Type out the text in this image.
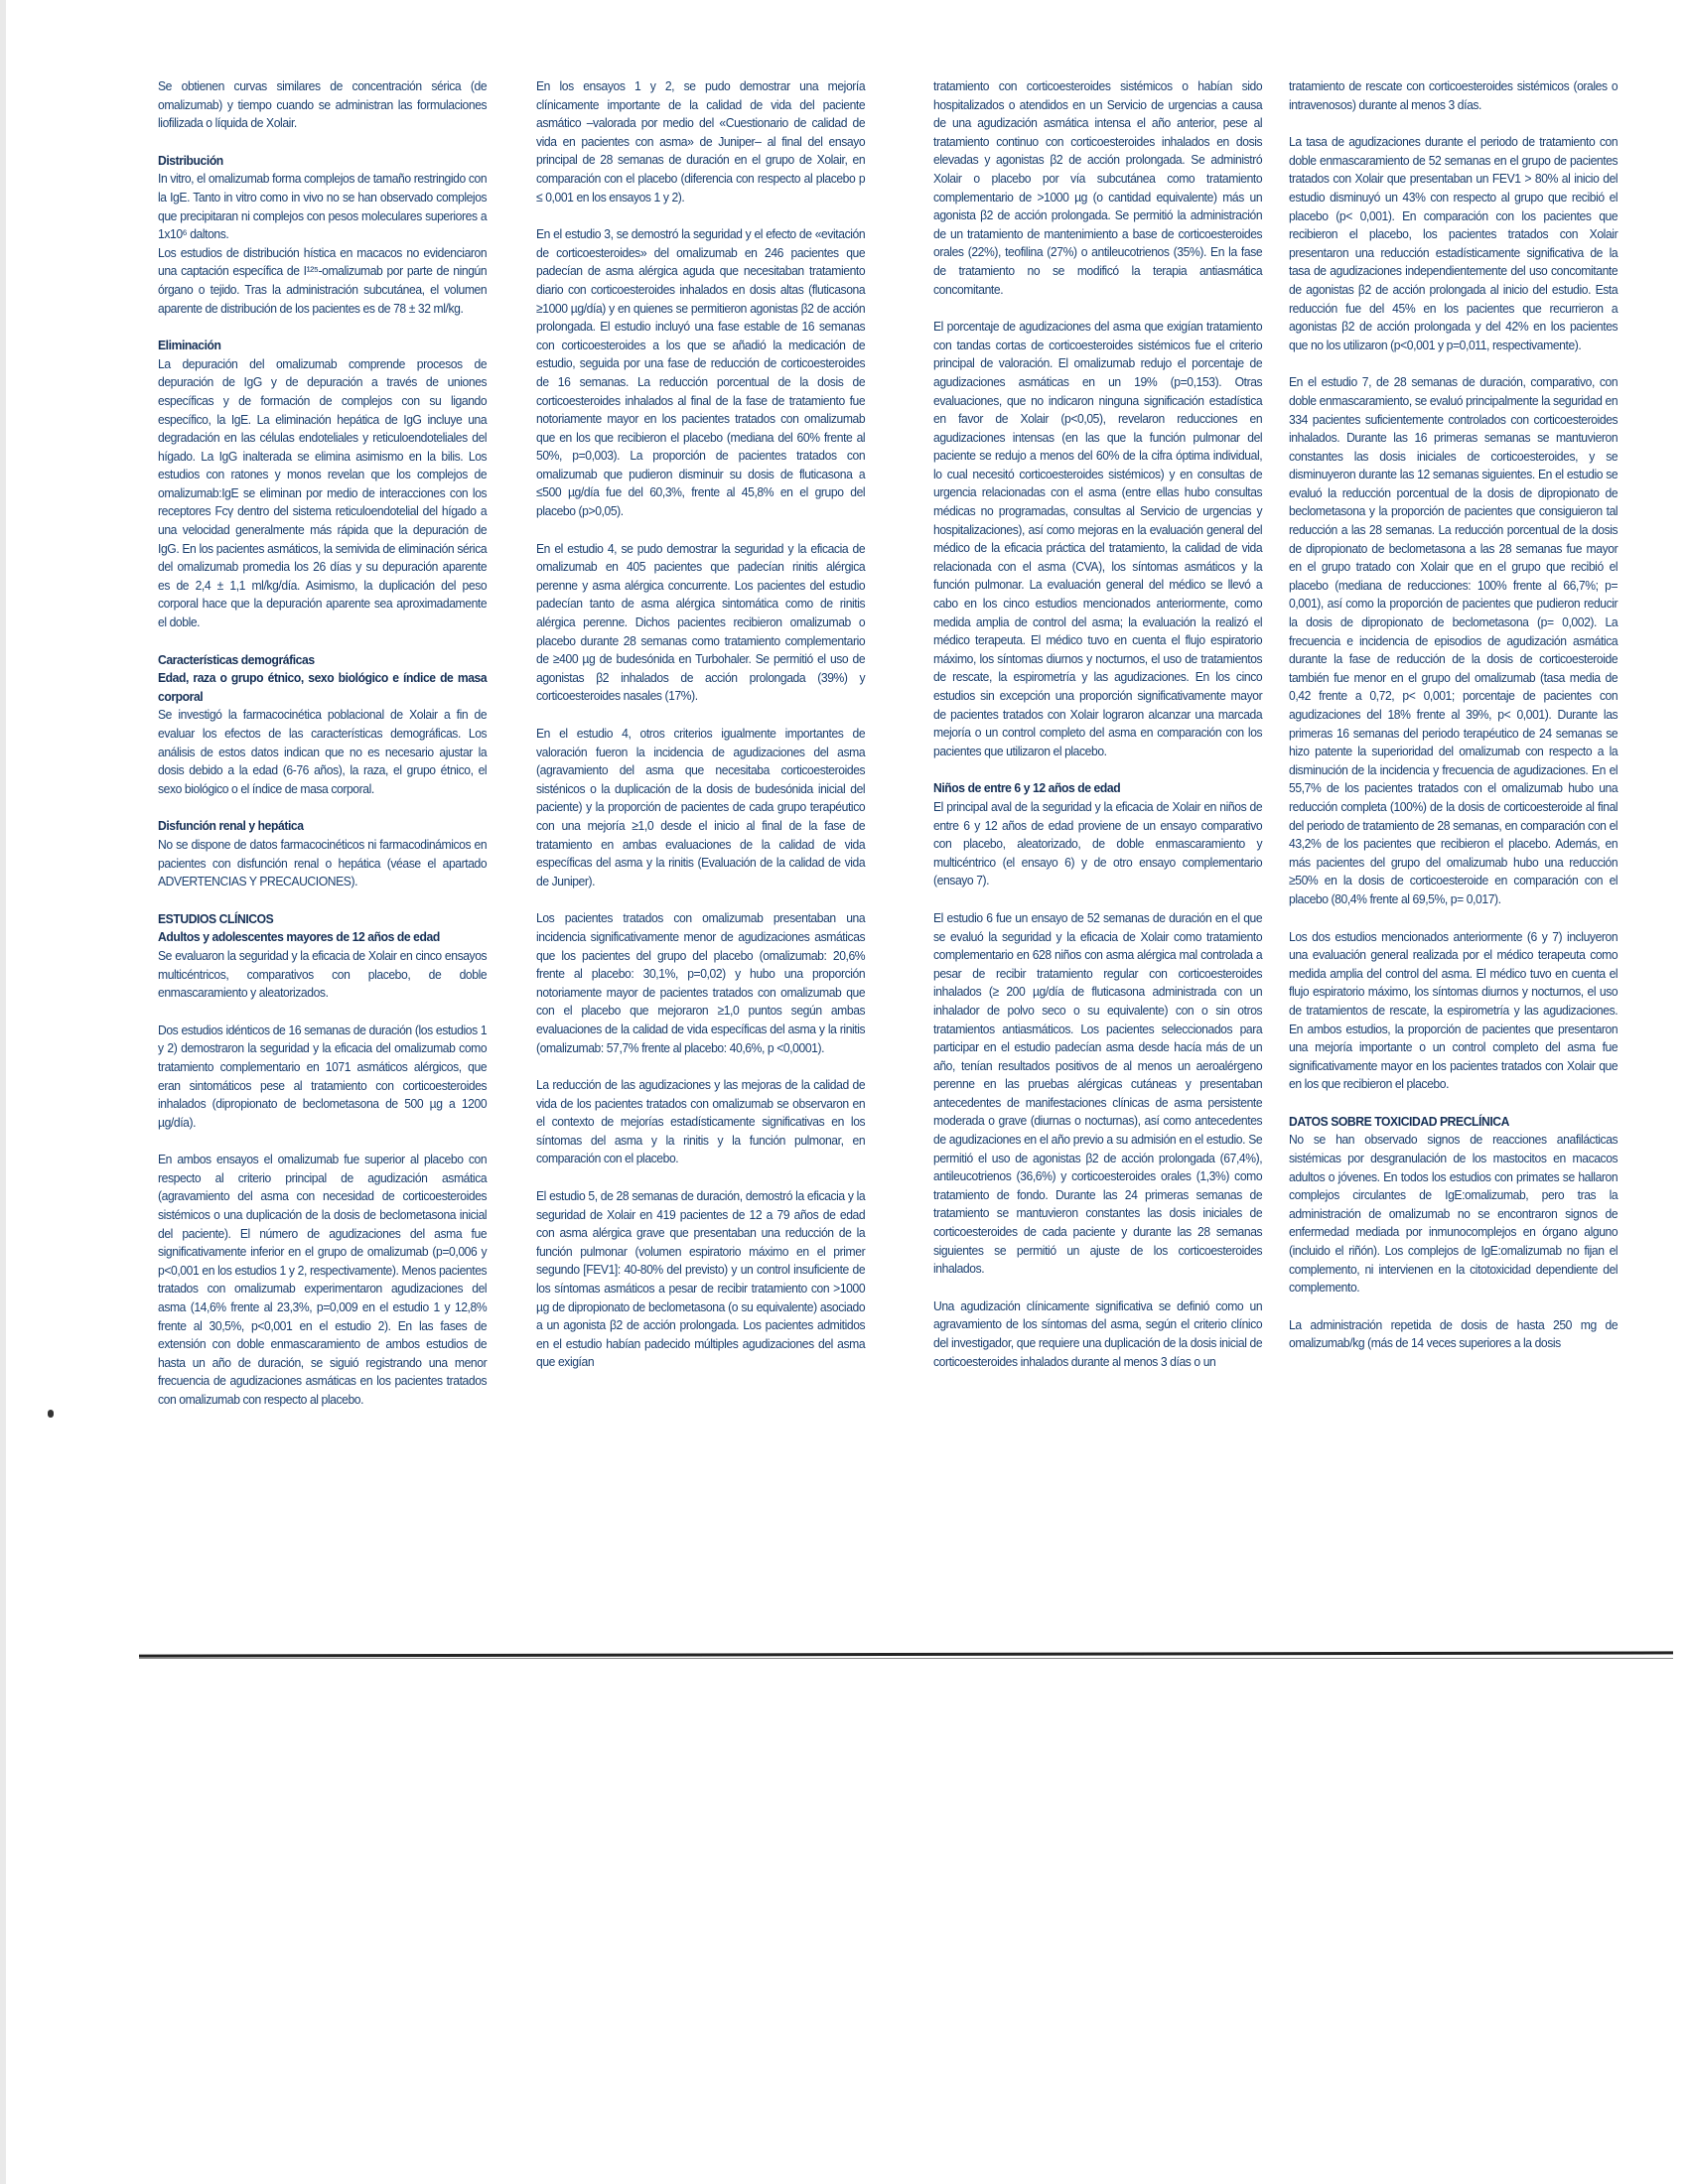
Se obtienen curvas similares de concentración sérica (de omalizumab) y tiempo cuando se administran las formulaciones liofilizada o líquida de Xolair.

Distribución

In vitro, el omalizumab forma complejos de tamaño restringido con la IgE. Tanto in vitro como in vivo no se han observado complejos que precipitaran ni complejos con pesos moleculares superiores a 1x10⁶ daltons.

Los estudios de distribución hística en macacos no evidenciaron una captación específica de I¹²⁵-omalizumab por parte de ningún órgano o tejido. Tras la administración subcutánea, el volumen aparente de distribución de los pacientes es de 78 ± 32 ml/kg.

Eliminación

La depuración del omalizumab comprende procesos de depuración de IgG y de depuración a través de uniones específicas y de formación de complejos con su ligando específico, la IgE. La eliminación hepática de IgG incluye una degradación en las células endoteliales y reticuloendoteliales del hígado. La IgG inalterada se elimina asimismo en la bilis. Los estudios con ratones y monos revelan que los complejos de omalizumab:IgE se eliminan por medio de interacciones con los receptores Fcγ dentro del sistema reticuloendotelial del hígado a una velocidad generalmente más rápida que la depuración de IgG. En los pacientes asmáticos, la semivida de eliminación sérica del omalizumab promedia los 26 días y su depuración aparente es de 2,4 ± 1,1 ml/kg/día. Asimismo, la duplicación del peso corporal hace que la depuración aparente sea aproximadamente el doble.

Características demográficas

Edad, raza o grupo étnico, sexo biológico e índice de masa corporal

Se investigó la farmacocinética poblacional de Xolair a fin de evaluar los efectos de las características demográficas. Los análisis de estos datos indican que no es necesario ajustar la dosis debido a la edad (6-76 años), la raza, el grupo étnico, el sexo biológico o el índice de masa corporal.

Disfunción renal y hepática

No se dispone de datos farmacocinéticos ni farmacodinámicos en pacientes con disfunción renal o hepática (véase el apartado ADVERTENCIAS Y PRECAUCIONES).

ESTUDIOS CLÍNICOS

Adultos y adolescentes mayores de 12 años de edad

Se evaluaron la seguridad y la eficacia de Xolair en cinco ensayos multicéntricos, comparativos con placebo, de doble enmascaramiento y aleatorizados.

Dos estudios idénticos de 16 semanas de duración (los estudios 1 y 2) demostraron la seguridad y la eficacia del omalizumab como tratamiento complementario en 1071 asmáticos alérgicos, que eran sintomáticos pese al tratamiento con corticoesteroides inhalados (dipropionato de beclometasona de 500 µg a 1200 µg/día).

En ambos ensayos el omalizumab fue superior al placebo con respecto al criterio principal de agudización asmática (agravamiento del asma con necesidad de corticoesteroides sistémicos o una duplicación de la dosis de beclometasona inicial del paciente). El número de agudizaciones del asma fue significativamente inferior en el grupo de omalizumab (p=0,006 y p<0,001 en los estudios 1 y 2, respectivamente). Menos pacientes tratados con omalizumab experimentaron agudizaciones del asma (14,6% frente al 23,3%, p=0,009 en el estudio 1 y 12,8% frente al 30,5%, p<0,001 en el estudio 2). En las fases de extensión con doble enmascaramiento de ambos estudios de hasta un año de duración, se siguió registrando una menor frecuencia de agudizaciones asmáticas en los pacientes tratados con omalizumab con respecto al placebo.

En los ensayos 1 y 2, se pudo demostrar una mejoría clínicamente importante de la calidad de vida del paciente asmático –valorada por medio del «Cuestionario de calidad de vida en pacientes con asma» de Juniper– al final del ensayo principal de 28 semanas de duración en el grupo de Xolair, en comparación con el placebo (diferencia con respecto al placebo p ≤ 0,001 en los ensayos 1 y 2).

En el estudio 3, se demostró la seguridad y el efecto de «evitación de corticoesteroides» del omalizumab en 246 pacientes que padecían de asma alérgica aguda que necesitaban tratamiento diario con corticoesteroides inhalados en dosis altas (fluticasona ≥1000 µg/día) y en quienes se permitieron agonistas β2 de acción prolongada. El estudio incluyó una fase estable de 16 semanas con corticoesteroides a los que se añadió la medicación de estudio, seguida por una fase de reducción de corticoesteroides de 16 semanas. La reducción porcentual de la dosis de corticoesteroides inhalados al final de la fase de tratamiento fue notoriamente mayor en los pacientes tratados con omalizumab que en los que recibieron el placebo (mediana del 60% frente al 50%, p=0,003). La proporción de pacientes tratados con omalizumab que pudieron disminuir su dosis de fluticasona a ≤500 µg/día fue del 60,3%, frente al 45,8% en el grupo del placebo (p>0,05).

En el estudio 4, se pudo demostrar la seguridad y la eficacia de omalizumab en 405 pacientes que padecían rinitis alérgica perenne y asma alérgica concurrente. Los pacientes del estudio padecían tanto de asma alérgica sintomática como de rinitis alérgica perenne. Dichos pacientes recibieron omalizumab o placebo durante 28 semanas como tratamiento complementario de ≥400 µg de budesónida en Turbohaler. Se permitió el uso de agonistas β2 inhalados de acción prolongada (39%) y corticoesteroides nasales (17%).

En el estudio 4, otros criterios igualmente importantes de valoración fueron la incidencia de agudizaciones del asma (agravamiento del asma que necesitaba corticoesteroides sisténicos o la duplicación de la dosis de budesónida inicial del paciente) y la proporción de pacientes de cada grupo terapéutico con una mejoría ≥1,0 desde el inicio al final de la fase de tratamiento en ambas evaluaciones de la calidad de vida específicas del asma y la rinitis (Evaluación de la calidad de vida de Juniper).

Los pacientes tratados con omalizumab presentaban una incidencia significativamente menor de agudizaciones asmáticas que los pacientes del grupo del placebo (omalizumab: 20,6% frente al placebo: 30,1%, p=0,02) y hubo una proporción notoriamente mayor de pacientes tratados con omalizumab que con el placebo que mejoraron ≥1,0 puntos según ambas evaluaciones de la calidad de vida específicas del asma y la rinitis (omalizumab: 57,7% frente al placebo: 40,6%, p <0,0001).

La reducción de las agudizaciones y las mejoras de la calidad de vida de los pacientes tratados con omalizumab se observaron en el contexto de mejorías estadísticamente significativas en los síntomas del asma y la rinitis y la función pulmonar, en comparación con el placebo.

El estudio 5, de 28 semanas de duración, demostró la eficacia y la seguridad de Xolair en 419 pacientes de 12 a 79 años de edad con asma alérgica grave que presentaban una reducción de la función pulmonar (volumen espiratorio máximo en el primer segundo [FEV1]: 40-80% del previsto) y un control insuficiente de los síntomas asmáticos a pesar de recibir tratamiento con >1000 µg de dipropionato de beclometasona (o su equivalente) asociado a un agonista β2 de acción prolongada. Los pacientes admitidos en el estudio habían padecido múltiples agudizaciones del asma que exigían

tratamiento con corticoesteroides sistémicos o habían sido hospitalizados o atendidos en un Servicio de urgencias a causa de una agudización asmática intensa el año anterior, pese al tratamiento continuo con corticoesteroides inhalados en dosis elevadas y agonistas β2 de acción prolongada. Se administró Xolair o placebo por vía subcutánea como tratamiento complementario de >1000 µg (o cantidad equivalente) más un agonista β2 de acción prolongada. Se permitió la administración de un tratamiento de mantenimiento a base de corticoesteroides orales (22%), teofilina (27%) o antileucotrienos (35%). En la fase de tratamiento no se modificó la terapia antiasmática concomitante.

El porcentaje de agudizaciones del asma que exigían tratamiento con tandas cortas de corticoesteroides sistémicos fue el criterio principal de valoración. El omalizumab redujo el porcentaje de agudizaciones asmáticas en un 19% (p=0,153). Otras evaluaciones, que no indicaron ninguna significación estadística en favor de Xolair (p<0,05), revelaron reducciones en agudizaciones intensas (en las que la función pulmonar del paciente se redujo a menos del 60% de la cifra óptima individual, lo cual necesitó corticoesteroides sistémicos) y en consultas de urgencia relacionadas con el asma (entre ellas hubo consultas médicas no programadas, consultas al Servicio de urgencias y hospitalizaciones), así como mejoras en la evaluación general del médico de la eficacia práctica del tratamiento, la calidad de vida relacionada con el asma (CVA), los síntomas asmáticos y la función pulmonar. La evaluación general del médico se llevó a cabo en los cinco estudios mencionados anteriormente, como medida amplia de control del asma; la evaluación la realizó el médico terapeuta. El médico tuvo en cuenta el flujo espiratorio máximo, los síntomas diurnos y nocturnos, el uso de tratamientos de rescate, la espirometría y las agudizaciones. En los cinco estudios sin excepción una proporción significativamente mayor de pacientes tratados con Xolair lograron alcanzar una marcada mejoría o un control completo del asma en comparación con los pacientes que utilizaron el placebo.

Niños de entre 6 y 12 años de edad

El principal aval de la seguridad y la eficacia de Xolair en niños de entre 6 y 12 años de edad proviene de un ensayo comparativo con placebo, aleatorizado, de doble enmascaramiento y multicéntrico (el ensayo 6) y de otro ensayo complementario (ensayo 7).

El estudio 6 fue un ensayo de 52 semanas de duración en el que se evaluó la seguridad y la eficacia de Xolair como tratamiento complementario en 628 niños con asma alérgica mal controlada a pesar de recibir tratamiento regular con corticoesteroides inhalados (≥ 200 µg/día de fluticasona administrada con un inhalador de polvo seco o su equivalente) con o sin otros tratamientos antiasmáticos. Los pacientes seleccionados para participar en el estudio padecían asma desde hacía más de un año, tenían resultados positivos de al menos un aeroalérgeno perenne en las pruebas alérgicas cutáneas y presentaban antecedentes de manifestaciones clínicas de asma persistente moderada o grave (diurnas o nocturnas), así como antecedentes de agudizaciones en el año previo a su admisión en el estudio. Se permitió el uso de agonistas β2 de acción prolongada (67,4%), antileucotrienos (36,6%) y corticoesteroides orales (1,3%) como tratamiento de fondo. Durante las 24 primeras semanas de tratamiento se mantuvieron constantes las dosis iniciales de corticoesteroides de cada paciente y durante las 28 semanas siguientes se permitió un ajuste de los corticoesteroides inhalados.

Una agudización clínicamente significativa se definió como un agravamiento de los síntomas del asma, según el criterio clínico del investigador, que requiere una duplicación de la dosis inicial de corticoesteroides inhalados durante al menos 3 días o un

tratamiento de rescate con corticoesteroides sistémicos (orales o intravenosos) durante al menos 3 días.

La tasa de agudizaciones durante el periodo de tratamiento con doble enmascaramiento de 52 semanas en el grupo de pacientes tratados con Xolair que presentaban un FEV1 > 80% al inicio del estudio disminuyó un 43% con respecto al grupo que recibió el placebo (p< 0,001). En comparación con los pacientes que recibieron el placebo, los pacientes tratados con Xolair presentaron una reducción estadísticamente significativa de la tasa de agudizaciones independientemente del uso concomitante de agonistas β2 de acción prolongada al inicio del estudio. Esta reducción fue del 45% en los pacientes que recurrieron a agonistas β2 de acción prolongada y del 42% en los pacientes que no los utilizaron (p<0,001 y p=0,011, respectivamente).

En el estudio 7, de 28 semanas de duración, comparativo, con doble enmascaramiento, se evaluó principalmente la seguridad en 334 pacientes suficientemente controlados con corticoesteroides inhalados. Durante las 16 primeras semanas se mantuvieron constantes las dosis iniciales de corticoesteroides, y se disminuyeron durante las 12 semanas siguientes. En el estudio se evaluó la reducción porcentual de la dosis de dipropionato de beclometasona y la proporción de pacientes que consiguieron tal reducción a las 28 semanas. La reducción porcentual de la dosis de dipropionato de beclometasona a las 28 semanas fue mayor en el grupo tratado con Xolair que en el grupo que recibió el placebo (mediana de reducciones: 100% frente al 66,7%; p= 0,001), así como la proporción de pacientes que pudieron reducir la dosis de dipropionato de beclometasona (p= 0,002). La frecuencia e incidencia de episodios de agudización asmática durante la fase de reducción de la dosis de corticoesteroide también fue menor en el grupo del omalizumab (tasa media de 0,42 frente a 0,72, p< 0,001; porcentaje de pacientes con agudizaciones del 18% frente al 39%, p< 0,001). Durante las primeras 16 semanas del periodo terapéutico de 24 semanas se hizo patente la superioridad del omalizumab con respecto a la disminución de la incidencia y frecuencia de agudizaciones. En el 55,7% de los pacientes tratados con el omalizumab hubo una reducción completa (100%) de la dosis de corticoesteroide al final del periodo de tratamiento de 28 semanas, en comparación con el 43,2% de los pacientes que recibieron el placebo. Además, en más pacientes del grupo del omalizumab hubo una reducción ≥50% en la dosis de corticoesteroide en comparación con el placebo (80,4% frente al 69,5%, p= 0,017).

Los dos estudios mencionados anteriormente (6 y 7) incluyeron una evaluación general realizada por el médico terapeuta como medida amplia del control del asma. El médico tuvo en cuenta el flujo espiratorio máximo, los síntomas diurnos y nocturnos, el uso de tratamientos de rescate, la espirometría y las agudizaciones. En ambos estudios, la proporción de pacientes que presentaron una mejoría importante o un control completo del asma fue significativamente mayor en los pacientes tratados con Xolair que en los que recibieron el placebo.

DATOS SOBRE TOXICIDAD PRECLÍNICA

No se han observado signos de reacciones anafilácticas sistémicas por desgranulación de los mastocitos en macacos adultos o jóvenes. En todos los estudios con primates se hallaron complejos circulantes de IgE:omalizumab, pero tras la administración de omalizumab no se encontraron signos de enfermedad mediada por inmunocomplejos en órgano alguno (incluido el riñón). Los complejos de IgE:omalizumab no fijan el complemento, ni intervienen en la citotoxicidad dependiente del complemento.

La administración repetida de dosis de hasta 250 mg de omalizumab/kg (más de 14 veces superiores a la dosis
